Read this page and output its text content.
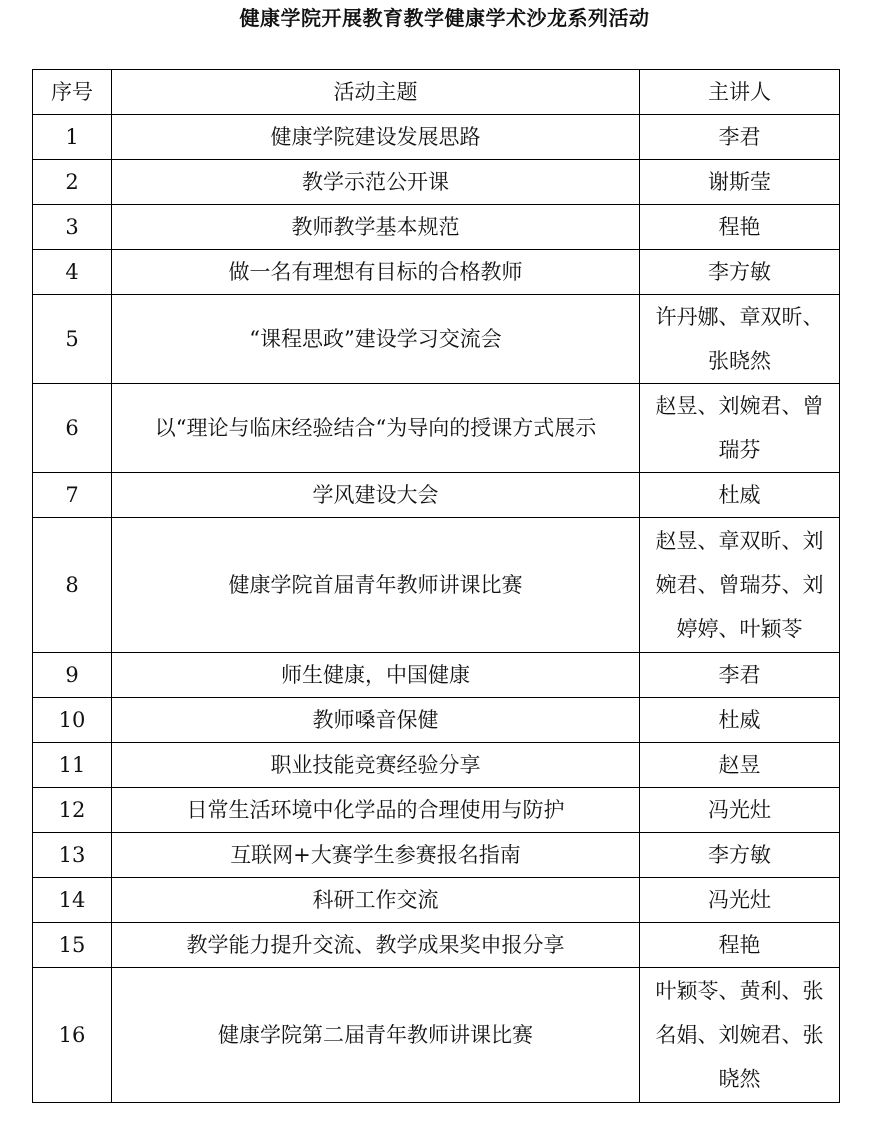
健康学院开展教育教学健康学术沙龙系列活动
序号	活动主题	主讲人
1	健康学院建设发展思路	李君

2	教学示范公开课	谢斯莹

3	教师教学基本规范	程艳

4	做一名有理想有目标的合格教师	李方敏

5	“课程思政”建设学习交流会	许丹娜、章双昕、张晓然

6	以“理论与临床经验结合“为导向的授课方式展示	赵昱、刘婉君、曾瑞芬

7	学风建设大会	杜威

8	健康学院首届青年教师讲课比赛	赵昱、章双昕、刘婉君、曾瑞芬、刘婷婷、叶颖苓

9	师生健康，中国健康	李君

10	教师嗓音保健	杜威

11	职业技能竞赛经验分享	赵昱

12	日常生活环境中化学品的合理使用与防护	冯光灶

13	互联网+大赛学生参赛报名指南	李方敏

14	科研工作交流	冯光灶

15	教学能力提升交流、教学成果奖申报分享	程艳

16	健康学院第二届青年教师讲课比赛	叶颖苓、黄利、张名娟、刘婉君、张晓然
